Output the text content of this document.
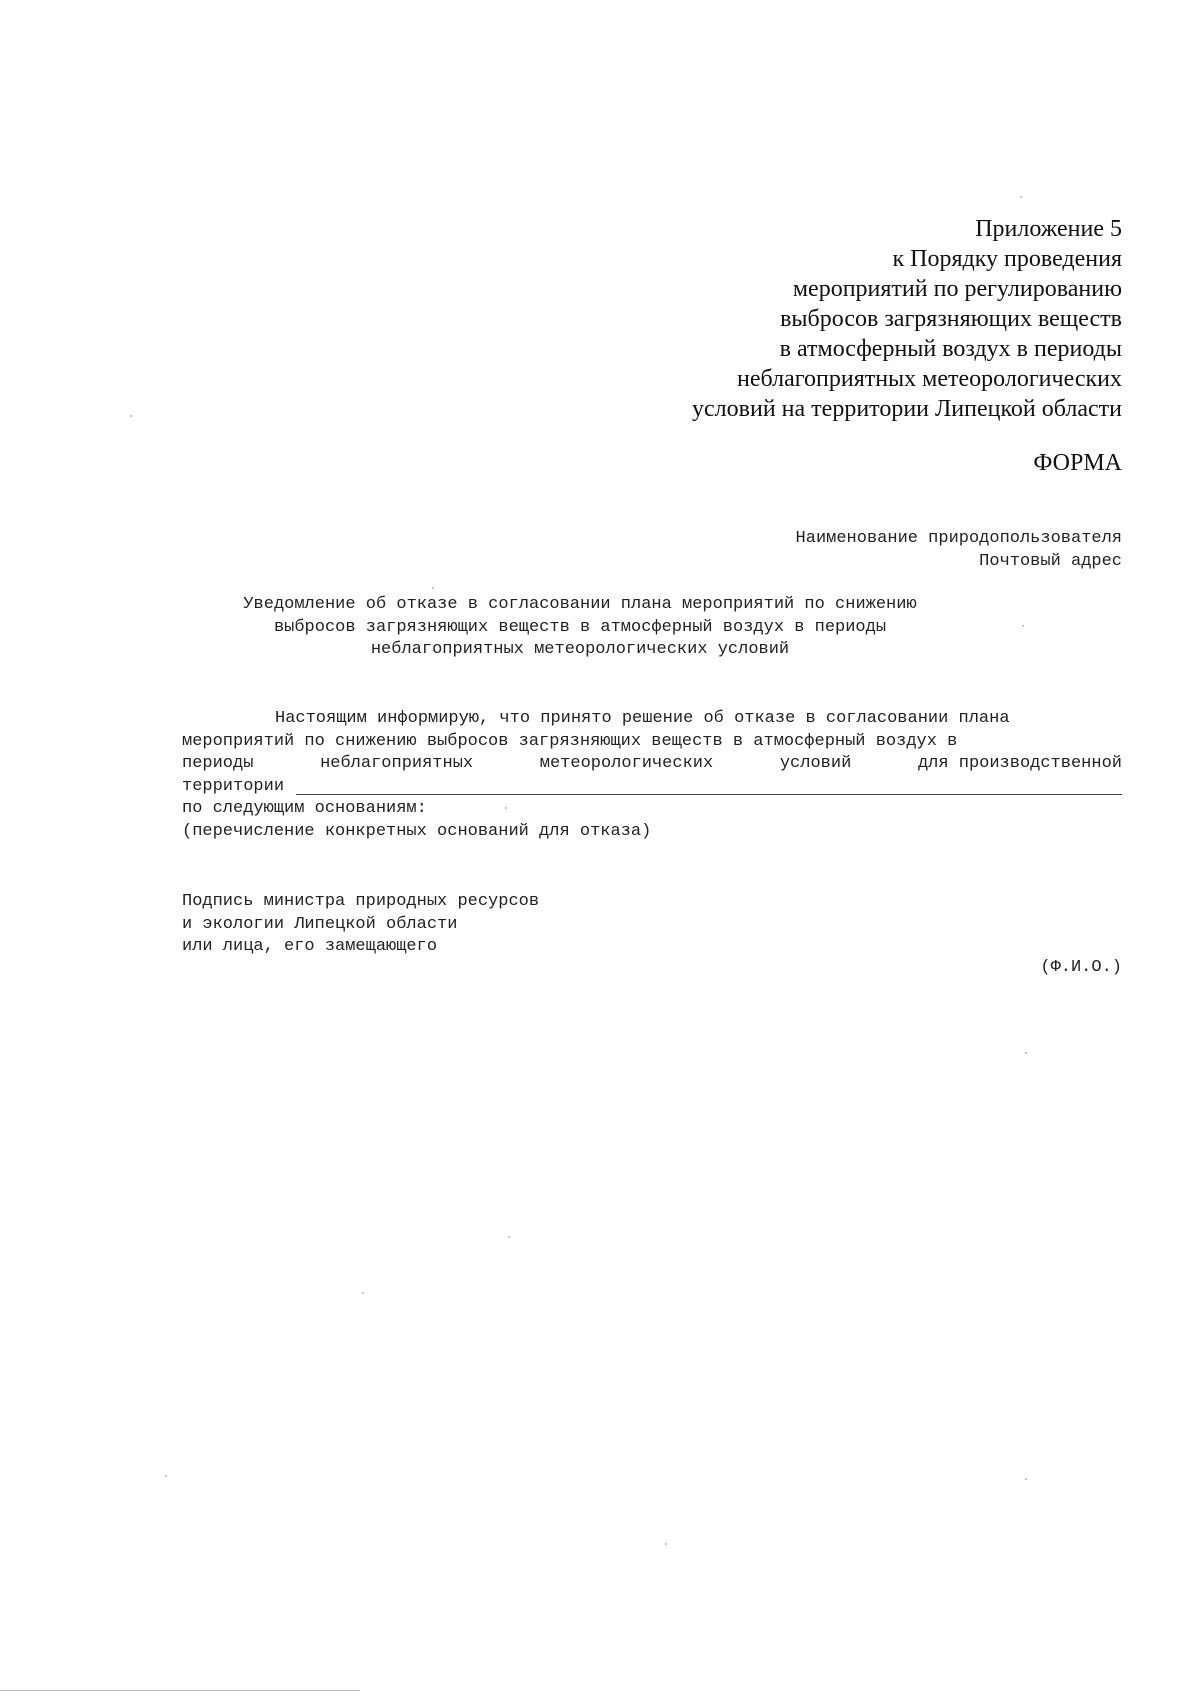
Приложение 5
к Порядку проведения
мероприятий по регулированию
выбросов загрязняющих веществ
в атмосферный воздух в периоды
неблагоприятных метеорологических
условий на территории Липецкой области
ФОРМА
Наименование природопользователя
Почтовый адрес
Уведомление об отказе в согласовании плана мероприятий по снижению
выбросов загрязняющих веществ в атмосферный воздух в периоды
неблагоприятных метеорологических условий
Настоящим информирую, что принято решение об отказе в согласовании плана
мероприятий по снижению выбросов загрязняющих веществ в атмосферный воздух в
периоды	неблагоприятных	метеорологических	условий	для производственной
территории
по следующим основаниям:
(перечисление конкретных оснований для отказа)
Подпись министра природных ресурсов
и экологии Липецкой области
или лица, его замещающего
(Ф.И.О.)
